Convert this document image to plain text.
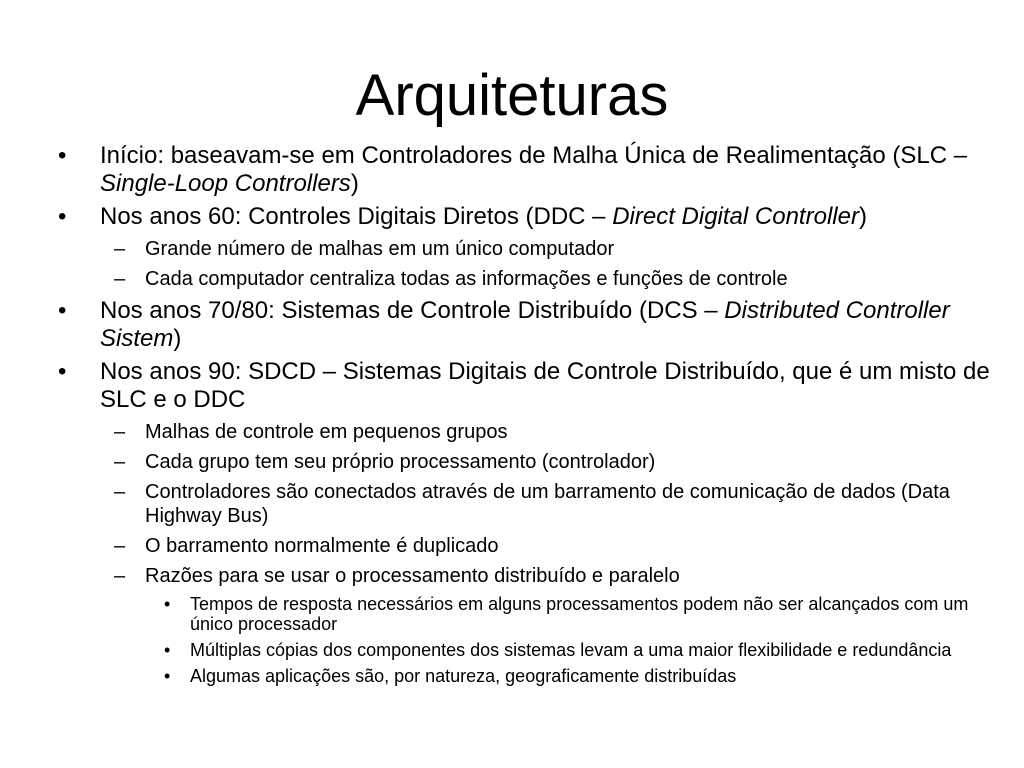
Arquiteturas
•	Início: baseavam-se em Controladores de Malha Única de Realimentação (SLC – Single-Loop Controllers)
•	Nos anos 60: Controles Digitais Diretos (DDC – Direct Digital Controller)
– Grande número de malhas em um único computador
– Cada computador centraliza todas as informações e funções de controle
•	Nos anos 70/80: Sistemas de Controle Distribuído (DCS – Distributed Controller Sistem)
•	Nos anos 90: SDCD – Sistemas Digitais de Controle Distribuído, que é um misto de SLC e o DDC
– Malhas de controle em pequenos grupos
– Cada grupo tem seu próprio processamento (controlador)
– Controladores são conectados através de um barramento de comunicação de dados (Data Highway Bus)
– O barramento normalmente é duplicado
– Razões para se usar o processamento distribuído e paralelo
• Tempos de resposta necessários em alguns processamentos podem não ser alcançados com um único processador
• Múltiplas cópias dos componentes dos sistemas levam a uma maior flexibilidade e redundância
• Algumas aplicações são, por natureza, geograficamente distribuídas
